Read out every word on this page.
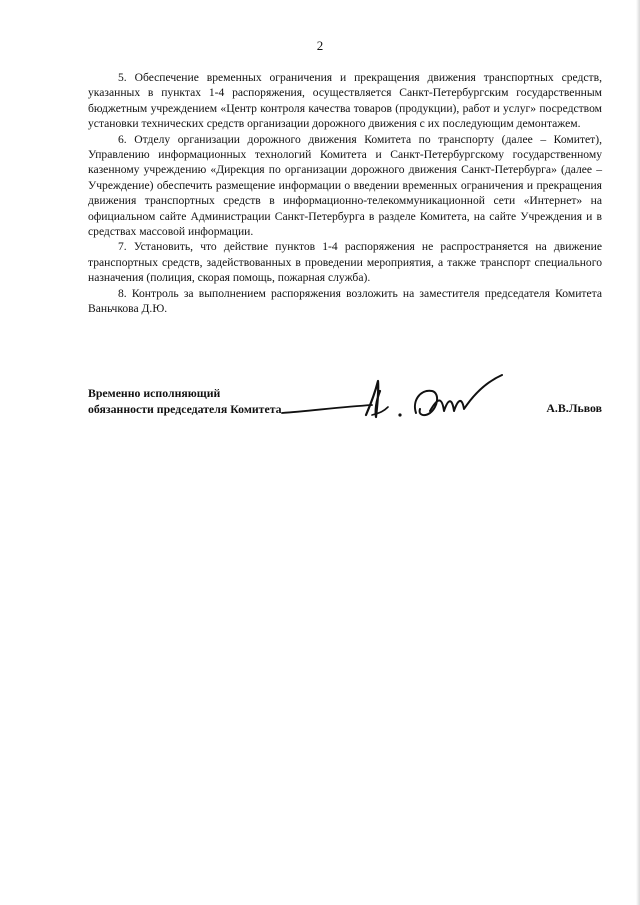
2

5. Обеспечение временных ограничения и прекращения движения транспортных средств, указанных в пунктах 1-4 распоряжения, осуществляется Санкт-Петербургским государственным бюджетным учреждением «Центр контроля качества товаров (продукции), работ и услуг» посредством установки технических средств организации дорожного движения с их последующим демонтажем.

6. Отделу организации дорожного движения Комитета по транспорту (далее – Комитет), Управлению информационных технологий Комитета и Санкт-Петербургскому государственному казенному учреждению «Дирекция по организации дорожного движения Санкт-Петербурга» (далее – Учреждение) обеспечить размещение информации о введении временных ограничения и прекращения движения транспортных средств в информационно-телекоммуникационной сети «Интернет» на официальном сайте Администрации Санкт-Петербурга в разделе Комитета, на сайте Учреждения и в средствах массовой информации.

7. Установить, что действие пунктов 1-4 распоряжения не распространяется на движение транспортных средств, задействованных в проведении мероприятия, а также транспорт специального назначения (полиция, скорая помощь, пожарная служба).

8. Контроль за выполнением распоряжения возложить на заместителя председателя Комитета Ваньчкова Д.Ю.

Временно исполняющий
обязанности председателя Комитета	А.В.Львов
